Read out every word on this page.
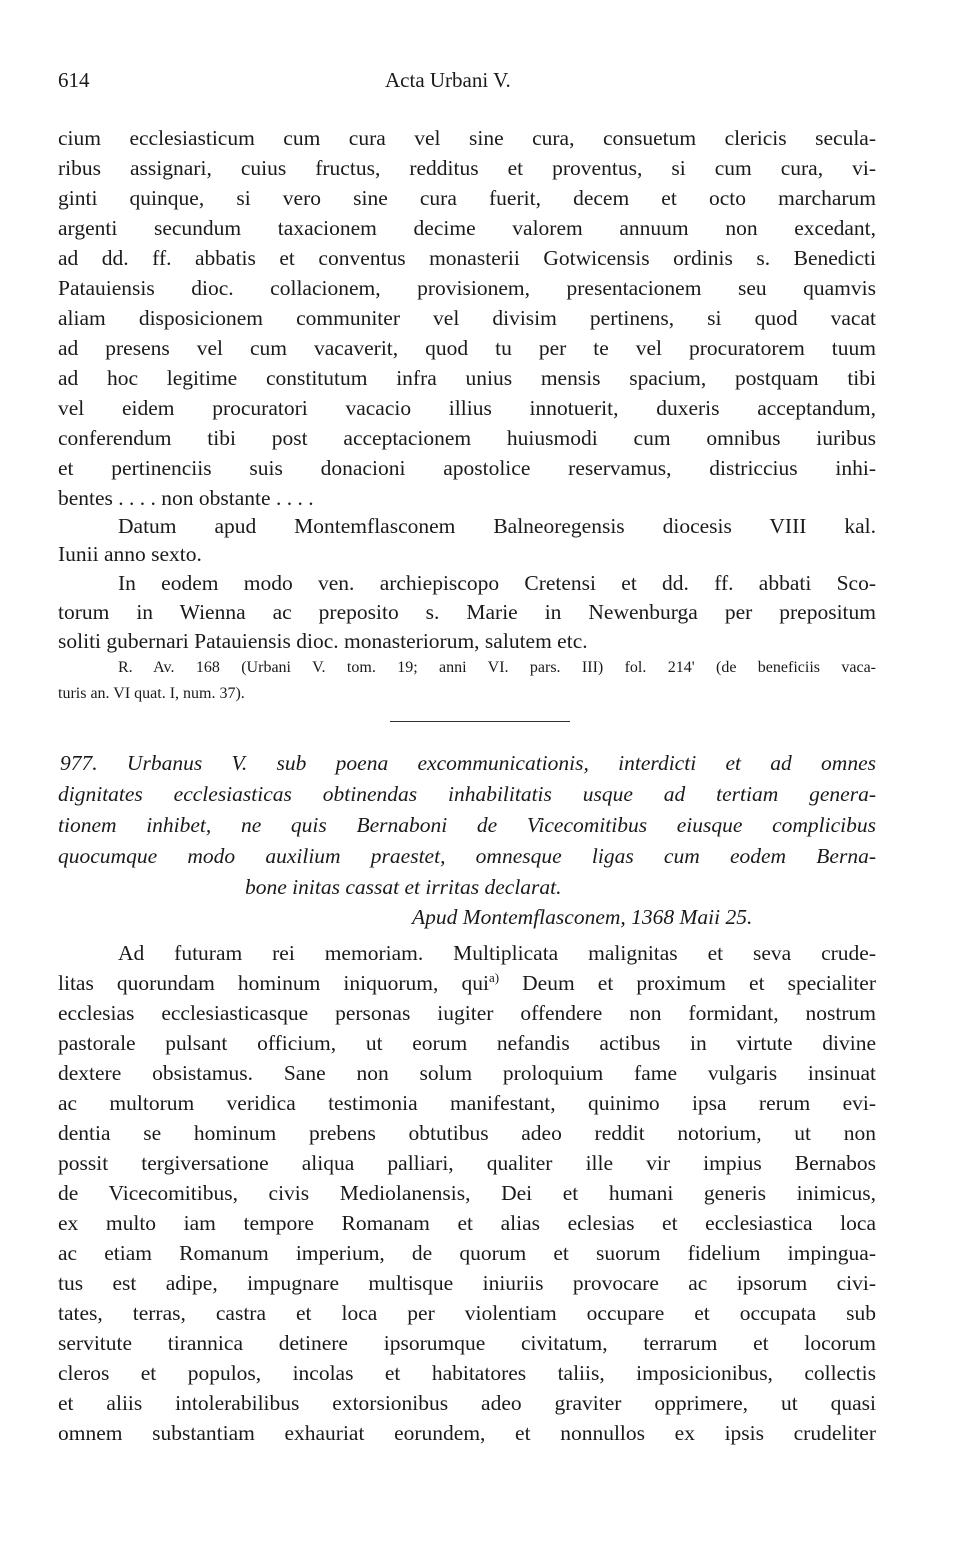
614	Acta Urbani V.
cium ecclesiasticum cum cura vel sine cura, consuetum clericis secula-
ribus assignari, cuius fructus, redditus et proventus, si cum cura, vi-
ginti quinque, si vero sine cura fuerit, decem et octo marcharum
argenti secundum taxacionem decime valorem annuum non excedant,
ad dd. ff. abbatis et conventus monasterii Gotwicensis ordinis s. Benedicti
Patauiensis dioc. collacionem, provisionem, presentacionem seu quamvis
aliam disposicionem communiter vel divisim pertinens, si quod vacat
ad presens vel cum vacaverit, quod tu per te vel procuratorem tuum
ad hoc legitime constitutum infra unius mensis spacium, postquam tibi
vel eidem procuratori vacacio illius innotuerit, duxeris acceptandum,
conferendum tibi post acceptacionem huiusmodi cum omnibus iuribus
et pertinenciis suis donacioni apostolice reservamus, districcius inhi-
bentes . . . . non obstante . . . .
Datum apud Montemflasconem Balneoregensis diocesis VIII kal.
Iunii anno sexto.
In eodem modo ven. archiepiscopo Cretensi et dd. ff. abbati Sco-
torum in Wienna ac preposito s. Marie in Newenburga per prepositum
soliti gubernari Patauiensis dioc. monasteriorum, salutem etc.
R. Av. 168 (Urbani V. tom. 19; anni VI. pars. III) fol. 214' (de beneficiis vaca-
turis an. VI quat. I, num. 37).
977. Urbanus V. sub poena excommunicationis, interdicti et ad omnes
dignitates ecclesiasticas obtinendas inhabilitatis usque ad tertiam genera-
tionem inhibet, ne quis Bernaboni de Vicecomitibus eiusque complicibus
quocumque modo auxilium praestet, omnesque ligas cum eodem Berna-
bone initas cassat et irritas declarat.
Apud Montemflasconem, 1368 Maii 25.
Ad futuram rei memoriam. Multiplicata malignitas et seva crude-
litas quorundam hominum iniquorum, qui$^{a)}$ Deum et proximum et specialiter
ecclesias ecclesiasticasque personas iugiter offendere non formidant, nostrum
pastorale pulsant officium, ut eorum nefandis actibus in virtute divine
dextere obsistamus. Sane non solum proloquium fame vulgaris insinuat
ac multorum veridica testimonia manifestant, quinimo ipsa rerum evi-
dentia se hominum prebens obtutibus adeo reddit notorium, ut non
possit tergiversatione aliqua palliari, qualiter ille vir impius Bernabos
de Vicecomitibus, civis Mediolanensis, Dei et humani generis inimicus,
ex multo iam tempore Romanam et alias eclesias et ecclesiastica loca
ac etiam Romanum imperium, de quorum et suorum fidelium impingua-
tus est adipe, impugnare multisque iniuriis provocare ac ipsorum civi-
tates, terras, castra et loca per violentiam occupare et occupata sub
servitute tirannica detinere ipsorumque civitatum, terrarum et locorum
cleros et populos, incolas et habitatores taliis, imposicionibus, collectis
et aliis intolerabilibus extorsionibus adeo graviter opprimere, ut quasi
omnem substantiam exhauriat eorundem, et nonnullos ex ipsis crudeliter
